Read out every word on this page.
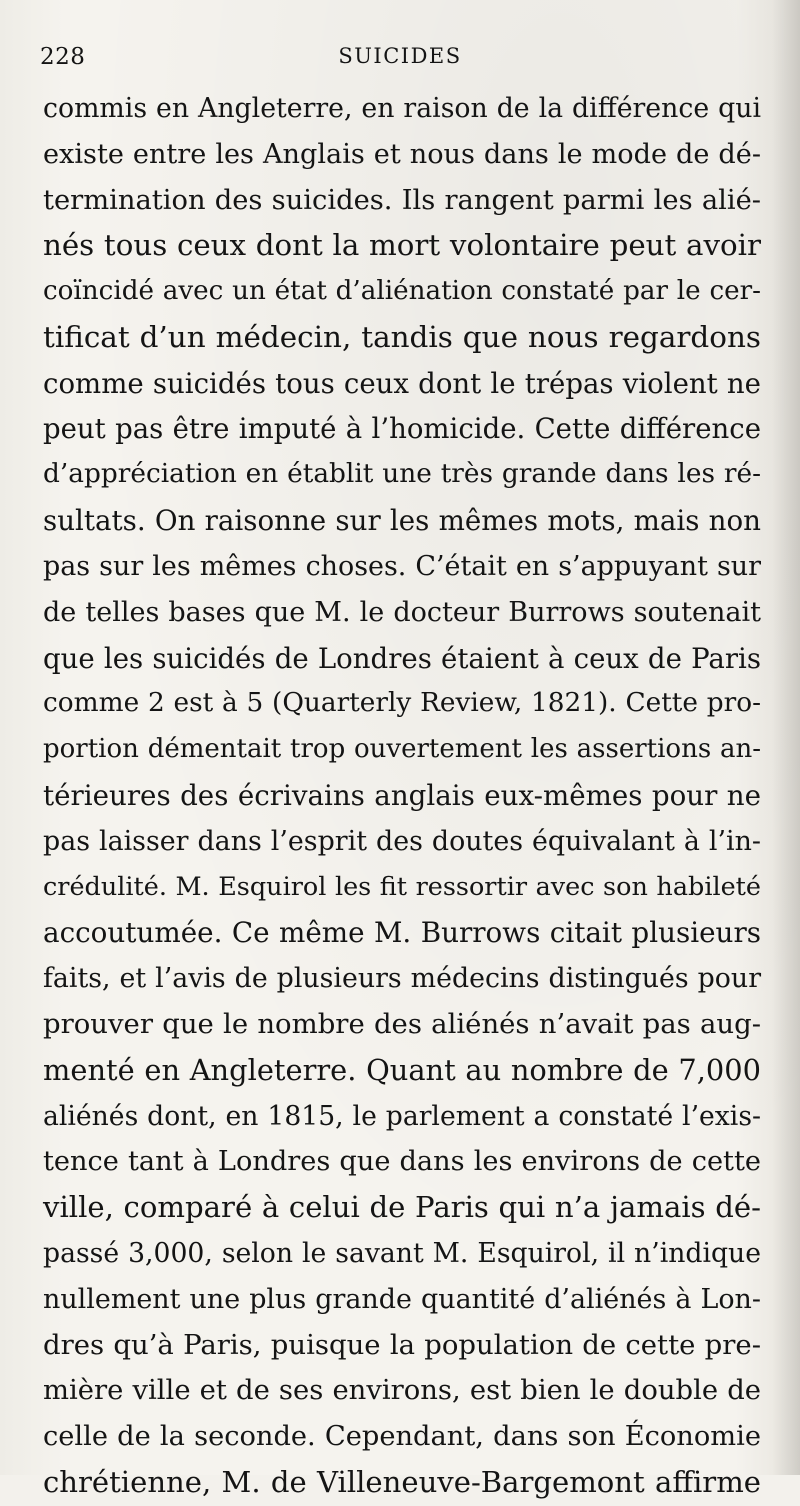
228	SUICIDES
commis en Angleterre, en raison de la différence qui
existe entre les Anglais et nous dans le mode de dé-
termination des suicides. Ils rangent parmi les alié-
nés tous ceux dont la mort volontaire peut avoir
coïncidé avec un état d’aliénation constaté par le cer-
tificat d’un médecin, tandis que nous regardons
comme suicidés tous ceux dont le trépas violent ne
peut pas être imputé à l’homicide. Cette différence
d’appréciation en établit une très grande dans les ré-
sultats. On raisonne sur les mêmes mots, mais non
pas sur les mêmes choses. C’était en s’appuyant sur
de telles bases que M. le docteur Burrows soutenait
que les suicidés de Londres étaient à ceux de Paris
comme 2 est à 5 (Quarterly Review, 1821). Cette pro-
portion démentait trop ouvertement les assertions an-
térieures des écrivains anglais eux-mêmes pour ne
pas laisser dans l’esprit des doutes équivalant à l’in-
crédulité. M. Esquirol les fit ressortir avec son habileté
accoutumée. Ce même M. Burrows citait plusieurs
faits, et l’avis de plusieurs médecins distingués pour
prouver que le nombre des aliénés n’avait pas aug-
menté en Angleterre. Quant au nombre de 7,000
aliénés dont, en 1815, le parlement a constaté l’exis-
tence tant à Londres que dans les environs de cette
ville, comparé à celui de Paris qui n’a jamais dé-
passé 3,000, selon le savant M. Esquirol, il n’indique
nullement une plus grande quantité d’aliénés à Lon-
dres qu’à Paris, puisque la population de cette pre-
mière ville et de ses environs, est bien le double de
celle de la seconde. Cependant, dans son Économie
chrétienne, M. de Villeneuve-Bargemont affirme
